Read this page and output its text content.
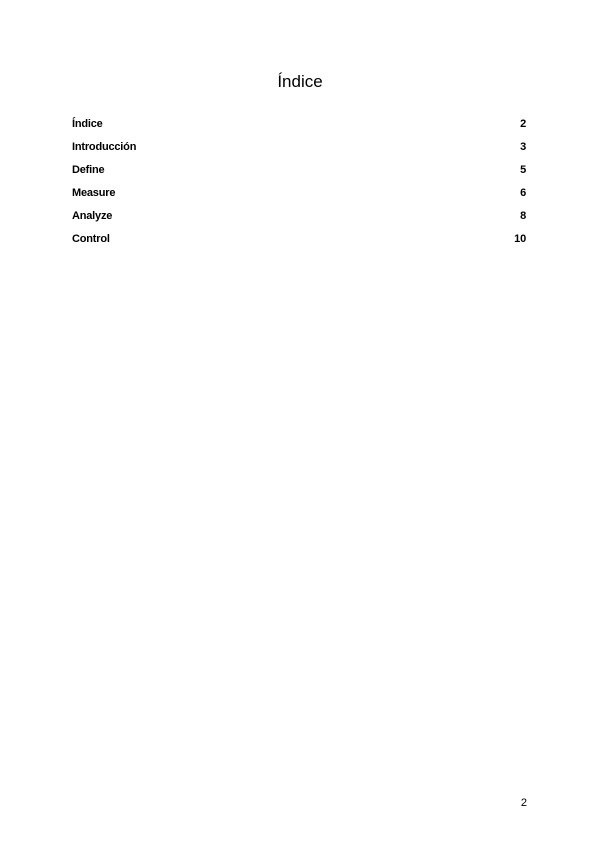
Índice
Índice	2
Introducción	3
Define	5
Measure	6
Analyze	8
Control	10
2
